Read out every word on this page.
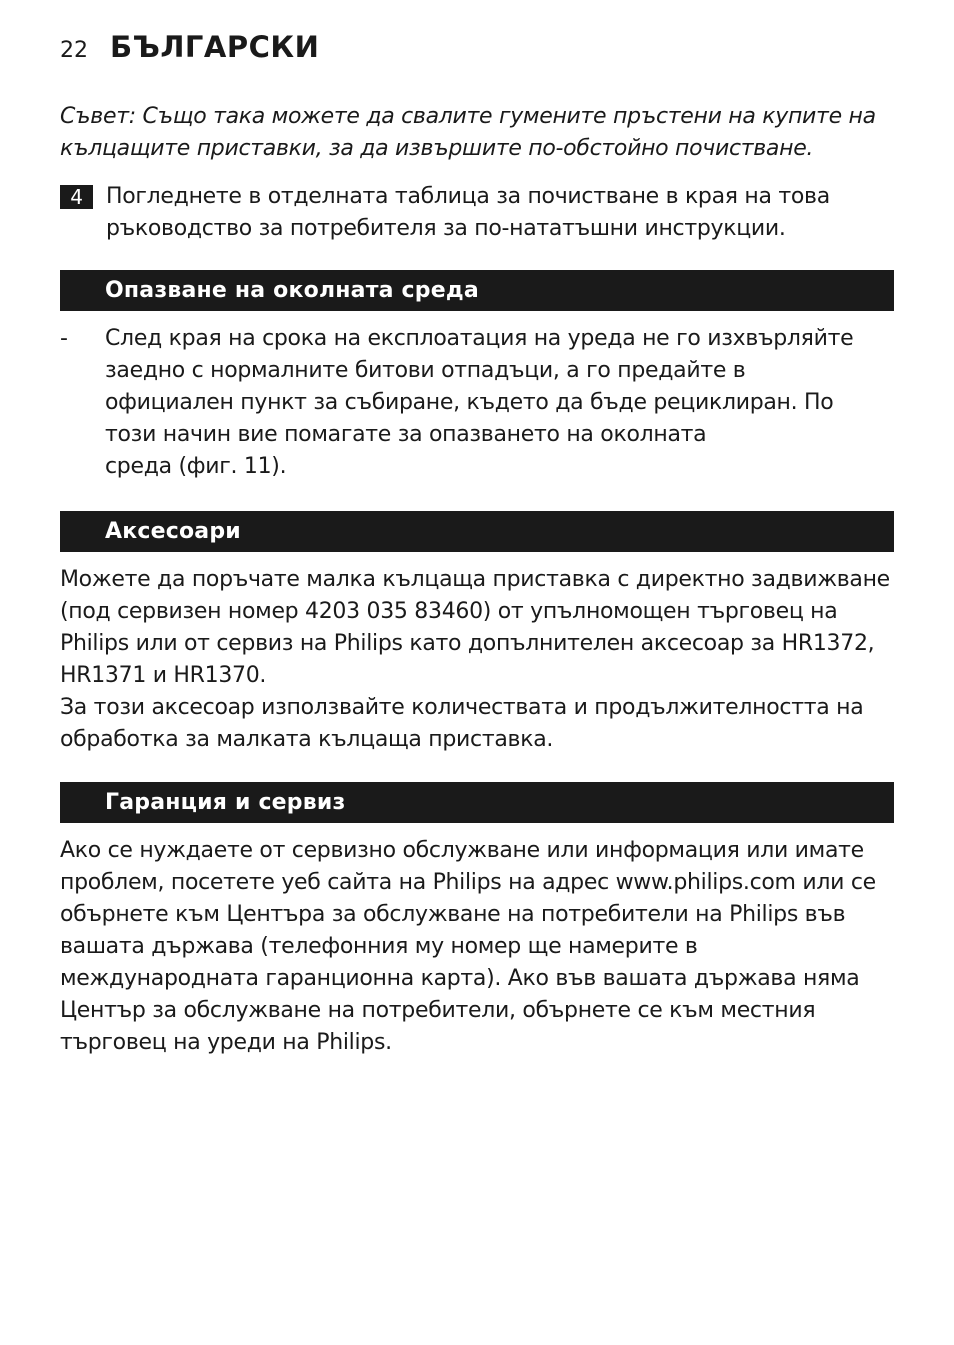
22 БЪЛГАРСКИ
Съвет: Също така можете да свалите гумените пръстени на купите на кълцащите приставки, за да извършите по-обстойно почистване.
4	Погледнете в отделната таблица за почистване в края на това ръководство за потребителя за по-нататъшни инструкции.
Опазване на околната среда
-	След края на срока на експлоатация на уреда не го изхвърляйте
заедно с нормалните битови отпадъци, а го предайте в
официален пункт за събиране, където да бъде рециклиран. По
този начин вие помагате за опазването на околната
среда (фиг. 11).
Аксесоари
Можете да поръчате малка кълцаща приставка с директно задвижване (под сервизен номер 4203 035 83460) от упълномощен търговец на Philips или от сервиз на Philips като допълнителен аксесоар за HR1372, HR1371 и HR1370.
За този аксесоар използвайте количествата и продължителността на обработка за малката кълцаща приставка.
Гаранция и сервиз
Ако се нуждаете от сервизно обслужване или информация или имате проблем, посетете уеб сайта на Philips на адрес www.philips.com или се обърнете към Центъра за обслужване на потребители на Philips във вашата държава (телефонния му номер ще намерите в международната гаранционна карта). Ако във вашата държава няма Център за обслужване на потребители, обърнете се към местния търговец на уреди на Philips.
